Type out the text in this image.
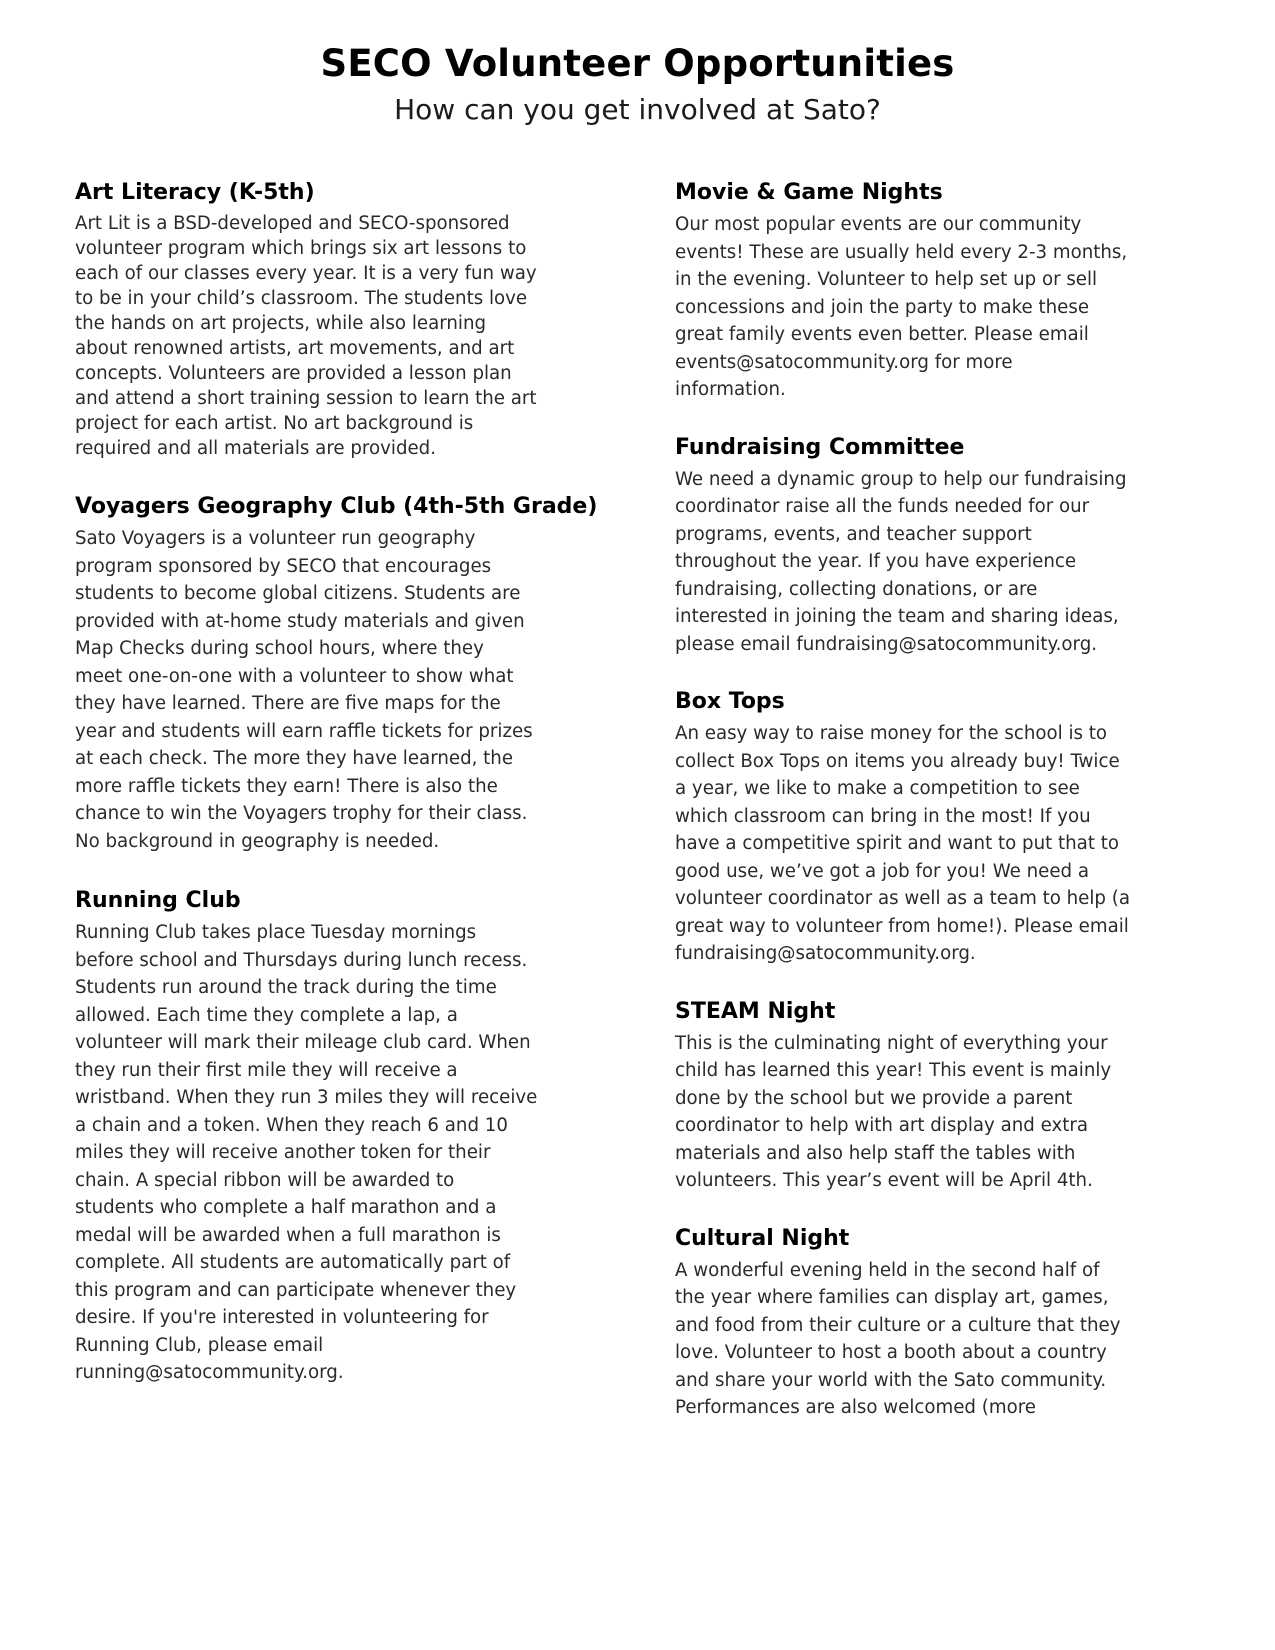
SECO Volunteer Opportunities
How can you get involved at Sato?
Art Literacy (K-5th)

Art Lit is a BSD-developed and SECO-sponsored
volunteer program which brings six art lessons to
each of our classes every year. It is a very fun way
to be in your child’s classroom. The students love
the hands on art projects, while also learning
about renowned artists, art movements, and art
concepts. Volunteers are provided a lesson plan
and attend a short training session to learn the art
project for each artist. No art background is
required and all materials are provided.

Voyagers Geography Club (4th-5th Grade)

Sato Voyagers is a volunteer run geography
program sponsored by SECO that encourages
students to become global citizens. Students are
provided with at-home study materials and given
Map Checks during school hours, where they
meet one-on-one with a volunteer to show what
they have learned. There are five maps for the
year and students will earn raffle tickets for prizes
at each check. The more they have learned, the
more raffle tickets they earn! There is also the
chance to win the Voyagers trophy for their class.
No background in geography is needed.

Running Club

Running Club takes place Tuesday mornings
before school and Thursdays during lunch recess.
Students run around the track during the time
allowed. Each time they complete a lap, a
volunteer will mark their mileage club card. When
they run their first mile they will receive a
wristband. When they run 3 miles they will receive
a chain and a token. When they reach 6 and 10
miles they will receive another token for their
chain. A special ribbon will be awarded to
students who complete a half marathon and a
medal will be awarded when a full marathon is
complete. All students are automatically part of
this program and can participate whenever they
desire. If you're interested in volunteering for
Running Club, please email
running@satocommunity.org.

Movie & Game Nights

Our most popular events are our community
events! These are usually held every 2-3 months,
in the evening. Volunteer to help set up or sell
concessions and join the party to make these
great family events even better. Please email
events@satocommunity.org for more
information.

Fundraising Committee

We need a dynamic group to help our fundraising
coordinator raise all the funds needed for our
programs, events, and teacher support
throughout the year. If you have experience
fundraising, collecting donations, or are
interested in joining the team and sharing ideas,
please email fundraising@satocommunity.org.

Box Tops

An easy way to raise money for the school is to
collect Box Tops on items you already buy! Twice
a year, we like to make a competition to see
which classroom can bring in the most! If you
have a competitive spirit and want to put that to
good use, we’ve got a job for you! We need a
volunteer coordinator as well as a team to help (a
great way to volunteer from home!). Please email
fundraising@satocommunity.org.

STEAM Night

This is the culminating night of everything your
child has learned this year! This event is mainly
done by the school but we provide a parent
coordinator to help with art display and extra
materials and also help staff the tables with
volunteers. This year’s event will be April 4th.

Cultural Night

A wonderful evening held in the second half of
the year where families can display art, games,
and food from their culture or a culture that they
love. Volunteer to host a booth about a country
and share your world with the Sato community.
Performances are also welcomed (more
